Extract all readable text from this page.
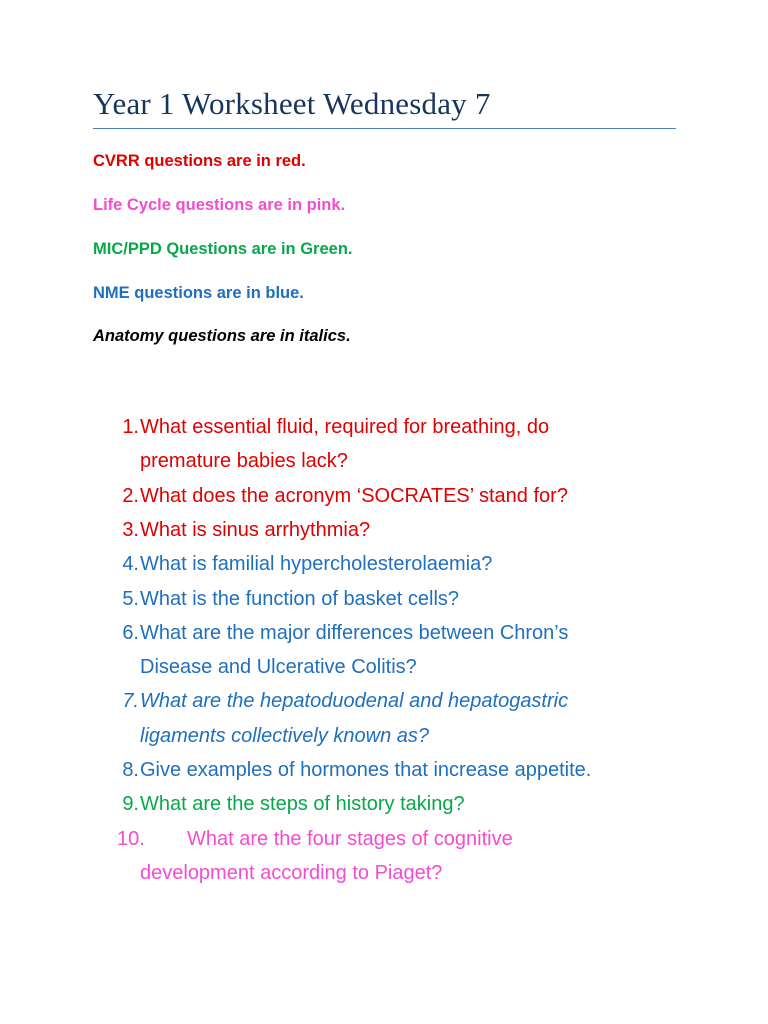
Year 1 Worksheet Wednesday 7
CVRR questions are in red.
Life Cycle questions are in pink.
MIC/PPD Questions are in Green.
NME questions are in blue.
Anatomy questions are in italics.
1. What essential fluid, required for breathing, do
premature babies lack?
2. What does the acronym ‘SOCRATES’ stand for?
3. What is sinus arrhythmia?
4. What is familial hypercholesterolaemia?
5. What is the function of basket cells?
6. What are the major differences between Chron’s
Disease and Ulcerative Colitis?
7. What are the hepatoduodenal and hepatogastric
ligaments collectively known as?
8. Give examples of hormones that increase appetite.
9. What are the steps of history taking?
10. What are the four stages of cognitive
development according to Piaget?
